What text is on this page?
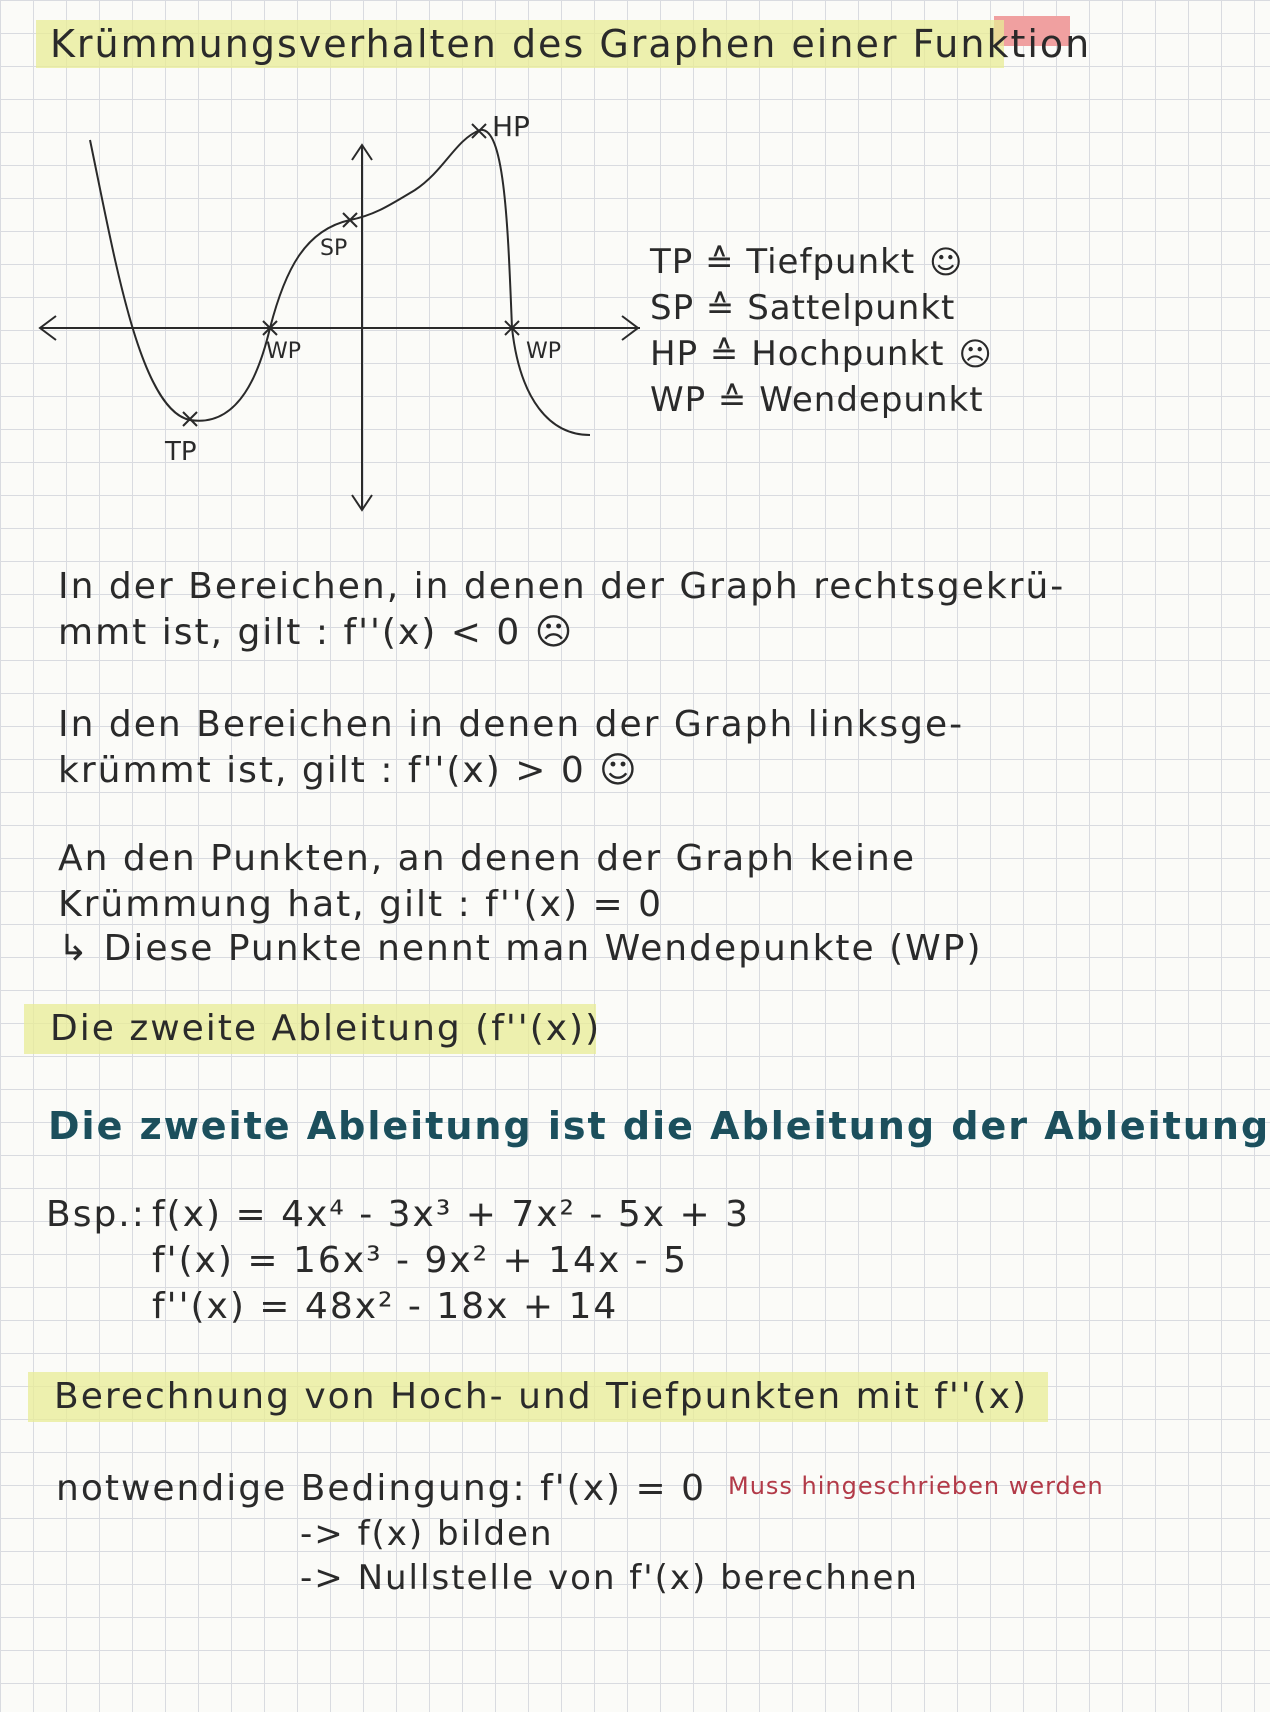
Krümmungsverhalten des Graphen einer Funktion
HP
SP
TP
WP	WP
TP ≙ Tiefpunkt ☺
SP ≙ Sattelpunkt
HP ≙ Hochpunkt ☹
WP ≙ Wendepunkt
In der Bereichen, in denen der Graph rechtsgekrü-
mmt ist, gilt : f''(x) < 0 ☹
In den Bereichen in denen der Graph linksge-
krümmt ist, gilt : f''(x) > 0 ☺
An den Punkten, an denen der Graph keine
Krümmung hat, gilt : f''(x) = 0
↳ Diese Punkte nennt man Wendepunkte (WP)
Die zweite Ableitung (f''(x))
Die zweite Ableitung ist die Ableitung der Ableitung
Bsp.: f(x) = 4x⁴ - 3x³ + 7x² - 5x + 3
f'(x) = 16x³ - 9x² + 14x - 5
f''(x) = 48x² - 18x + 14
Berechnung von Hoch- und Tiefpunkten mit f''(x)
notwendige Bedingung: f'(x) = 0 Muss hingeschrieben werden
-> f(x) bilden
-> Nullstelle von f'(x) berechnen
